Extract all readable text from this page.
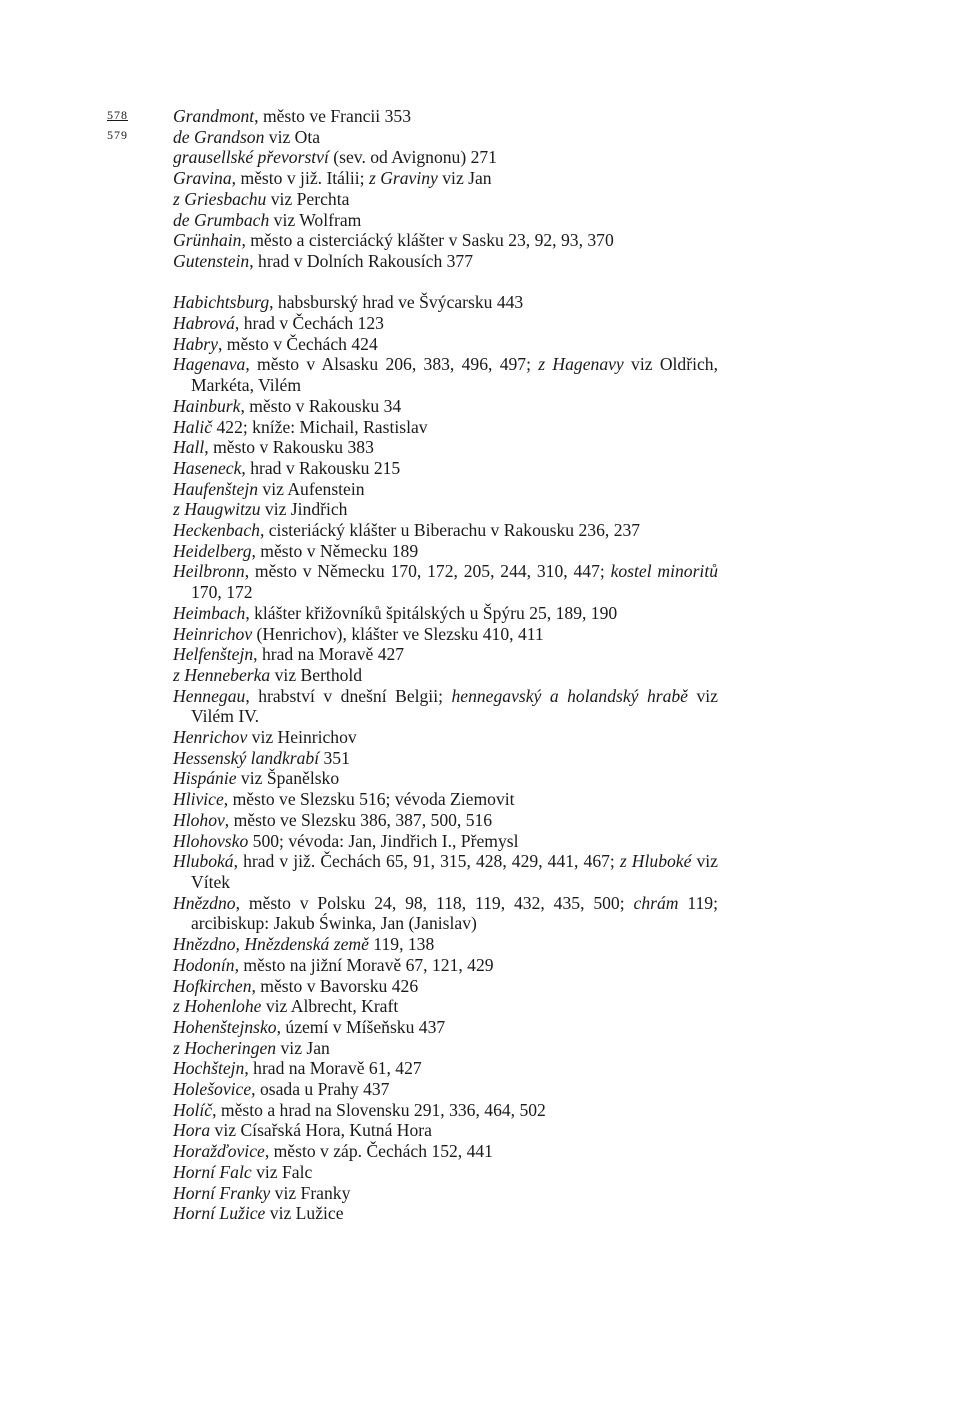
578
579
Grandmont, město ve Francii 353
de Grandson viz Ota
grausellské převorství (sev. od Avignonu) 271
Gravina, město v již. Itálii; z Graviny viz Jan
z Griesbachu viz Perchta
de Grumbach viz Wolfram
Grünhain, město a cisterciácký klášter v Sasku 23, 92, 93, 370
Gutenstein, hrad v Dolních Rakousích 377
Habichtsburg, habsburský hrad ve Švýcarsku 443
Habrová, hrad v Čechách 123
Habry, město v Čechách 424
Hagenava, město v Alsasku 206, 383, 496, 497; z Hagenavy viz Oldřich, Markéta, Vilém
Hainburk, město v Rakousku 34
Halič 422; kníže: Michail, Rastislav
Hall, město v Rakousku 383
Haseneck, hrad v Rakousku 215
Haufenštejn viz Aufenstein
z Haugwitzu viz Jindřich
Heckenbach, cisteriácký klášter u Biberachu v Rakousku 236, 237
Heidelberg, město v Německu 189
Heilbronn, město v Německu 170, 172, 205, 244, 310, 447; kostel minoritů 170, 172
Heimbach, klášter křižovníků špitálských u Špýru 25, 189, 190
Heinrichov (Henrichov), klášter ve Slezsku 410, 411
Helfenštejn, hrad na Moravě 427
z Henneberka viz Berthold
Hennegau, hrabství v dnešní Belgii; hennegavský a holandský hrabě viz Vilém IV.
Henrichov viz Heinrichov
Hessenský landkrabí 351
Hispánie viz Španělsko
Hlivice, město ve Slezsku 516; vévoda Ziemovit
Hlohov, město ve Slezsku 386, 387, 500, 516
Hlohovsko 500; vévoda: Jan, Jindřich I., Přemysl
Hluboká, hrad v již. Čechách 65, 91, 315, 428, 429, 441, 467; z Hluboké viz Vítek
Hnězdno, město v Polsku 24, 98, 118, 119, 432, 435, 500; chrám 119; arcibiskup: Jakub Świnka, Jan (Janislav)
Hnězdno, Hnězdenská země 119, 138
Hodonín, město na jižní Moravě 67, 121, 429
Hofkirchen, město v Bavorsku 426
z Hohenlohe viz Albrecht, Kraft
Hohenštejnsko, území v Míšeňsku 437
z Hocheringen viz Jan
Hochštejn, hrad na Moravě 61, 427
Holešovice, osada u Prahy 437
Holíč, město a hrad na Slovensku 291, 336, 464, 502
Hora viz Císařská Hora, Kutná Hora
Horažďovice, město v záp. Čechách 152, 441
Horní Falc viz Falc
Horní Franky viz Franky
Horní Lužice viz Lužice
